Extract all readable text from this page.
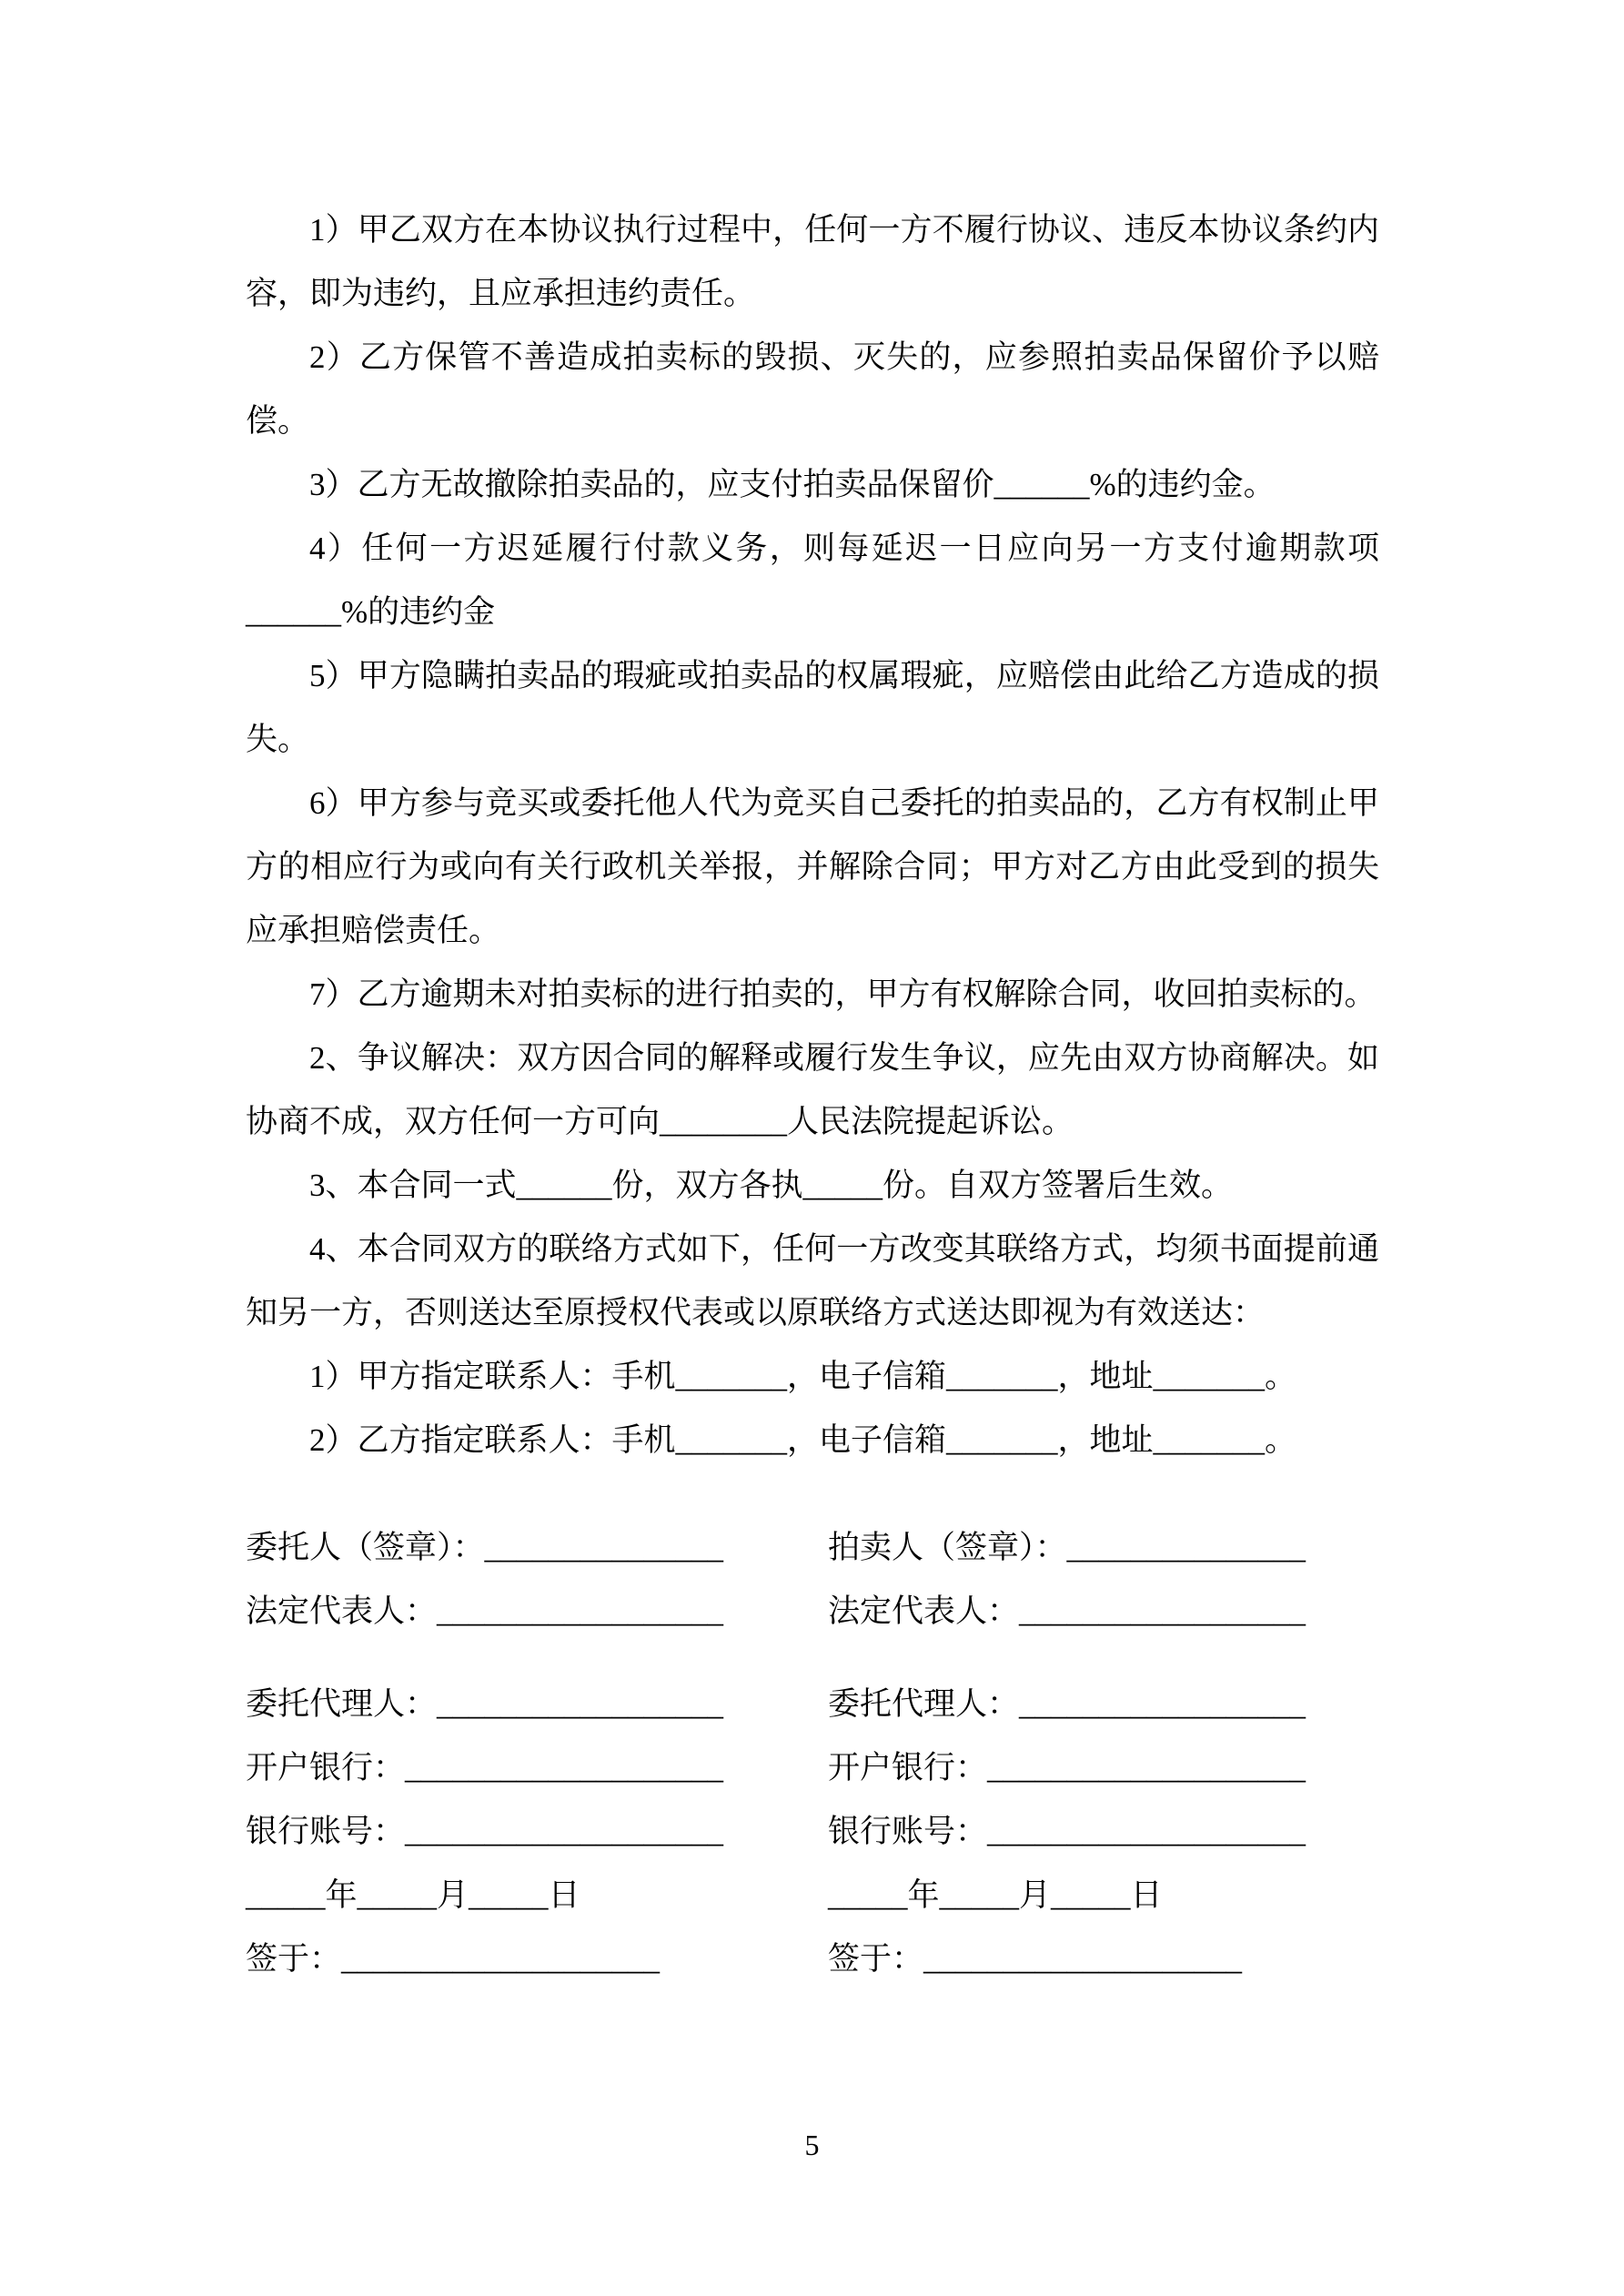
1）甲乙双方在本协议执行过程中，任何一方不履行协议、违反本协议条约内容，即为违约，且应承担违约责任。

2）乙方保管不善造成拍卖标的毁损、灭失的，应参照拍卖品保留价予以赔偿。

3）乙方无故撤除拍卖品的，应支付拍卖品保留价______%的违约金。

4）任何一方迟延履行付款义务，则每延迟一日应向另一方支付逾期款项______%的违约金

5）甲方隐瞒拍卖品的瑕疵或拍卖品的权属瑕疵，应赔偿由此给乙方造成的损失。

6）甲方参与竞买或委托他人代为竞买自己委托的拍卖品的，乙方有权制止甲方的相应行为或向有关行政机关举报，并解除合同；甲方对乙方由此受到的损失应承担赔偿责任。

7）乙方逾期未对拍卖标的进行拍卖的，甲方有权解除合同，收回拍卖标的。

2、争议解决：双方因合同的解释或履行发生争议，应先由双方协商解决。如协商不成，双方任何一方可向________人民法院提起诉讼。

3、本合同一式______份，双方各执_____份。自双方签署后生效。

4、本合同双方的联络方式如下，任何一方改变其联络方式，均须书面提前通知另一方，否则送达至原授权代表或以原联络方式送达即视为有效送达：

1）甲方指定联系人：手机_______，电子信箱_______，地址_______。

2）乙方指定联系人：手机_______，电子信箱_______，地址_______。

委托人（签章）：_______________

法定代表人：__________________

委托代理人：__________________

开户银行：____________________

银行账号：____________________

_____年_____月_____日

签于：____________________

拍卖人（签章）：_______________

法定代表人：__________________

委托代理人：__________________

开户银行：____________________

银行账号：____________________

_____年_____月_____日

签于：____________________

5
